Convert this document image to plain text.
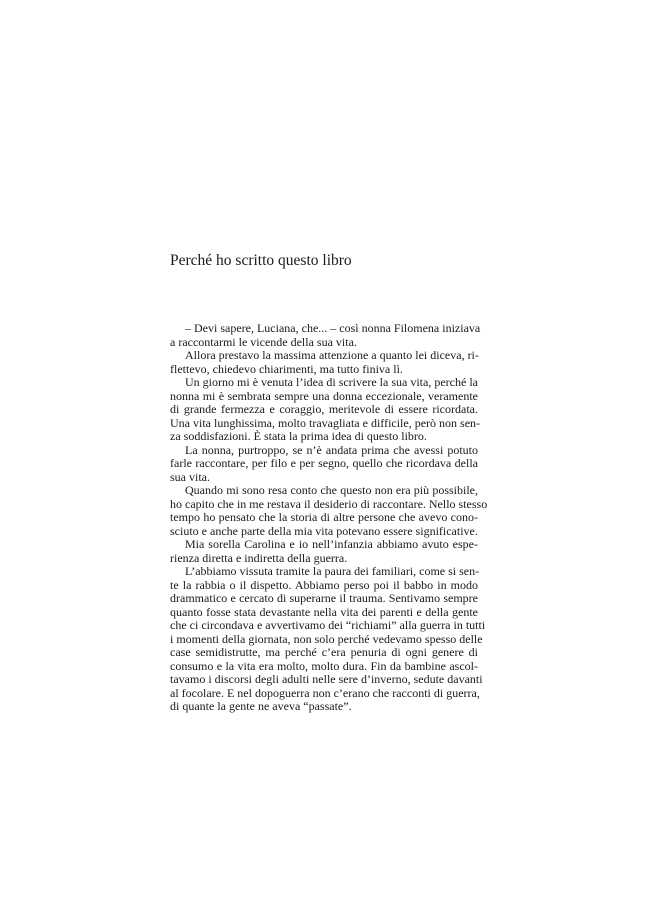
Perché ho scritto questo libro
– Devi sapere, Luciana, che... – così nonna Filomena iniziava
a raccontarmi le vicende della sua vita.
Allora prestavo la massima attenzione a quanto lei diceva, ri-
flettevo, chiedevo chiarimenti, ma tutto finiva lì.
Un giorno mi è venuta l’idea di scrivere la sua vita, perché la
nonna mi è sembrata sempre una donna eccezionale, veramente
di grande fermezza e coraggio, meritevole di essere ricordata.
Una vita lunghissima, molto travagliata e difficile, però non sen-
za soddisfazioni. È stata la prima idea di questo libro.
La nonna, purtroppo, se n’è andata prima che avessi potuto
farle raccontare, per filo e per segno, quello che ricordava della
sua vita.
Quando mi sono resa conto che questo non era più possibile,
ho capito che in me restava il desiderio di raccontare. Nello stesso
tempo ho pensato che la storia di altre persone che avevo cono-
sciuto e anche parte della mia vita potevano essere significative.
Mia sorella Carolina e io nell’infanzia abbiamo avuto espe-
rienza diretta e indiretta della guerra.
L’abbiamo vissuta tramite la paura dei familiari, come si sen-
te la rabbia o il dispetto. Abbiamo perso poi il babbo in modo
drammatico e cercato di superarne il trauma. Sentivamo sempre
quanto fosse stata devastante nella vita dei parenti e della gente
che ci circondava e avvertivamo dei “richiami” alla guerra in tutti
i momenti della giornata, non solo perché vedevamo spesso delle
case semidistrutte, ma perché c’era penuria di ogni genere di
consumo e la vita era molto, molto dura. Fin da bambine ascol-
tavamo i discorsi degli adulti nelle sere d’inverno, sedute davanti
al focolare. E nel dopoguerra non c’erano che racconti di guerra,
di quante la gente ne aveva “passate”.
